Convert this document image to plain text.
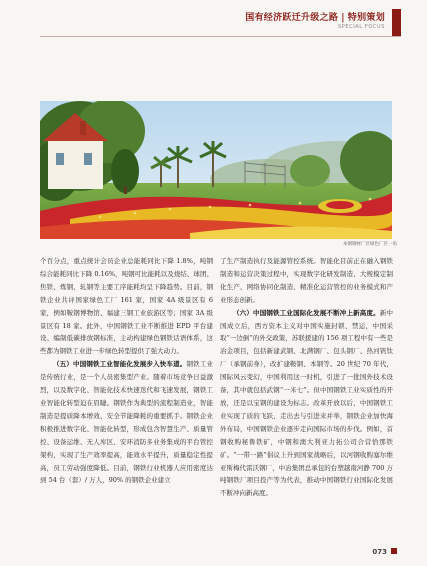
国有经济跃迁升级之路 | 特别策划
SPECIAL FOCUS
本钢钢材厂区绿色厂区一角

个百分点，重点统计会员企业总能耗同比下降 1.8%，吨钢综合能耗同比下降 0.16%，吨钢可比能耗以及烧结、球团、焦铁、炼钢、轧钢等主要工序能耗均呈下降趋势。目前，钢铁企业共评国家绿色工厂 161 家，国家 4A 级景区有 6 家，例如鞍钢博物馆、福建三钢工业旅游区等；国家 3A 级景区有 18 家。此外，中国钢铁工业不断推进 EPD 平台建设、编制低碳排放钢标准，主动构建绿色钢铁话语体系，这些都为钢铁工业进一步绿色转型提供了强大动力。

（五）中国钢铁工业智能化发展步入快车道。钢铁工业是传统行业，是一个人员密集型产业。随着市场竞争日益激烈，以及数字化、智能化技术快速迭代和飞速发展，钢铁工业智能化转型迫在眉睫。钢铁作为典型的流程制造业，智能制造是提质降本增效、安全节能降耗的重要抓手。钢铁企业积极推进数字化、智能化转型，形成包含智慧生产、质量管控、设备运维、无人库区、安环消防多业务集成的平台管控架构，实现了生产效率提高，能效水平提升，质量稳定性提高，员工劳动强度降低。目前，钢铁行业机器人应用密度达到 54 台（套）/ 万人，90% 的钢铁企业建立

了生产制造执行及能源管控系统。智能化目前正在融入钢铁制造和运营决策过程中，实现数字化研发制造、大规模定制化生产、网络协同化制造、精准化运营管控的业务模式和产业形态创新。

（六）中国钢铁工业国际化发展不断冲上新高度。新中国成立后，西方资本主义对中国实施封锁、禁运，中国采取“一边倒”的外交政策，苏联援建的 156 项工程中有一些是冶金项目，包括新建武钢、北满钢厂、包头钢厂、热河钒钛厂（承钢前身），改扩建鞍钢、本钢等。20 世纪 70 年代，国际风云变幻，中国利用这一时机，引进了一批国外技术设备，其中就包括武钢“一米七”。但中国钢铁工业实质性的开放，还是以宝钢的建设为标志。改革开放以后，中国钢铁工业实现了质的飞跃，走出去与引进来并举，钢铁企业加快海外布局，中国钢铁企业逐步走向国际市场的步伐。例如，首钢收购秘鲁铁矿，中钢和澳大利亚力拓公司合营恰那铁矿。“一带一路”倡议上升到国家战略后，以河钢收购塞尔维亚斯梅代雷沃钢厂、中冶集团总承包的台塑越南河静 700 万吨钢铁厂项目投产等为代表，推动中国钢铁行业国际化发展不断冲向新高度。

073
